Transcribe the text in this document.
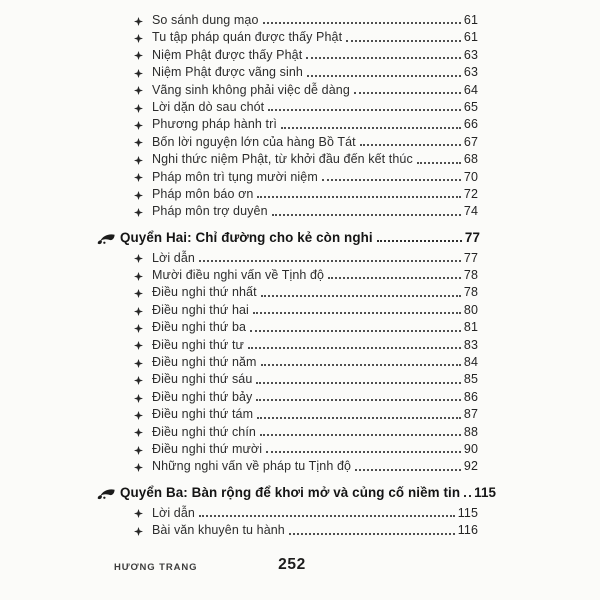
So sánh dung mạo	61
Tu tập pháp quán được thấy Phật	61
Niệm Phật được thấy Phật	63
Niệm Phật được vãng sinh	63
Vãng sinh không phải việc dễ dàng	64
Lời dặn dò sau chót	65
Phương pháp hành trì	66
Bốn lời nguyện lớn của hàng Bồ Tát	67
Nghi thức niệm Phật, từ khởi đầu đến kết thúc	68
Pháp môn trì tụng mười niệm	70
Pháp môn báo ơn	72
Pháp môn trợ duyên	74
Quyển Hai: Chỉ đường cho kẻ còn nghi	77
Lời dẫn	77
Mười điều nghi vấn về Tịnh độ	78
Điều nghi thứ nhất	78
Điều nghi thứ hai	80
Điều nghi thứ ba	81
Điều nghi thứ tư	83
Điều nghi thứ năm	84
Điều nghi thứ sáu	85
Điều nghi thứ bảy	86
Điều nghi thứ tám	87
Điều nghi thứ chín	88
Điều nghi thứ mười	90
Những nghi vấn về pháp tu Tịnh độ	92
Quyển Ba: Bàn rộng để khơi mở và củng cố niềm tin 115
Lời dẫn	115
Bài văn khuyên tu hành	116
252
HƯƠNG TRANG
